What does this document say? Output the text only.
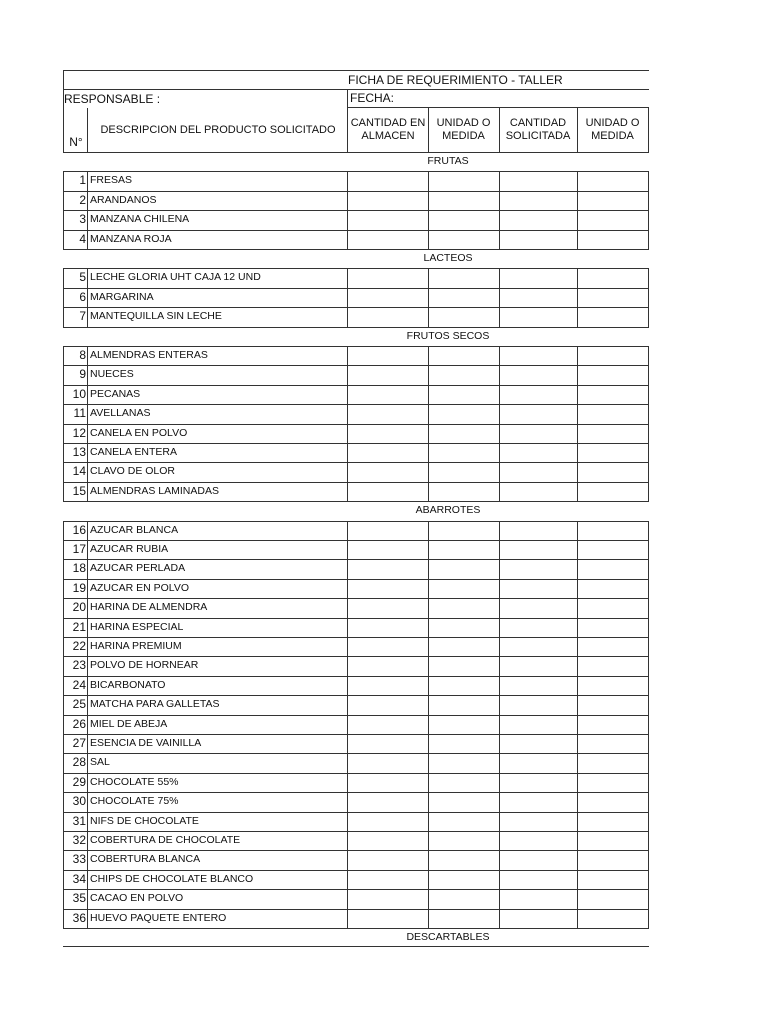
FICHA DE REQUERIMIENTO - TALLER
RESPONSABLE :	FECHA:
N°
DESCRIPCION DEL PRODUCTO SOLICITADO
CANTIDAD EN
ALMACEN
UNIDAD O
MEDIDA
CANTIDAD
SOLICITADA
UNIDAD O
MEDIDA
FRUTAS
1 FRESAS
2 ARANDANOS
3 MANZANA CHILENA
4 MANZANA ROJA
LACTEOS
5 LECHE GLORIA UHT CAJA 12 UND
6 MARGARINA
7 MANTEQUILLA SIN LECHE
FRUTOS SECOS
8 ALMENDRAS ENTERAS
9 NUECES
10 PECANAS
11 AVELLANAS
12 CANELA EN POLVO
13 CANELA ENTERA
14 CLAVO DE OLOR
15 ALMENDRAS LAMINADAS
ABARROTES
16 AZUCAR BLANCA
17 AZUCAR RUBIA
18 AZUCAR PERLADA
19 AZUCAR EN POLVO
20 HARINA DE ALMENDRA
21 HARINA ESPECIAL
22 HARINA PREMIUM
23 POLVO DE HORNEAR
24 BICARBONATO
25 MATCHA PARA GALLETAS
26 MIEL DE ABEJA
27 ESENCIA DE VAINILLA
28 SAL
29 CHOCOLATE 55%
30 CHOCOLATE 75%
31 NIFS DE CHOCOLATE
32 COBERTURA DE CHOCOLATE
33 COBERTURA BLANCA
34 CHIPS DE CHOCOLATE BLANCO
35 CACAO EN POLVO
36 HUEVO PAQUETE ENTERO
DESCARTABLES
